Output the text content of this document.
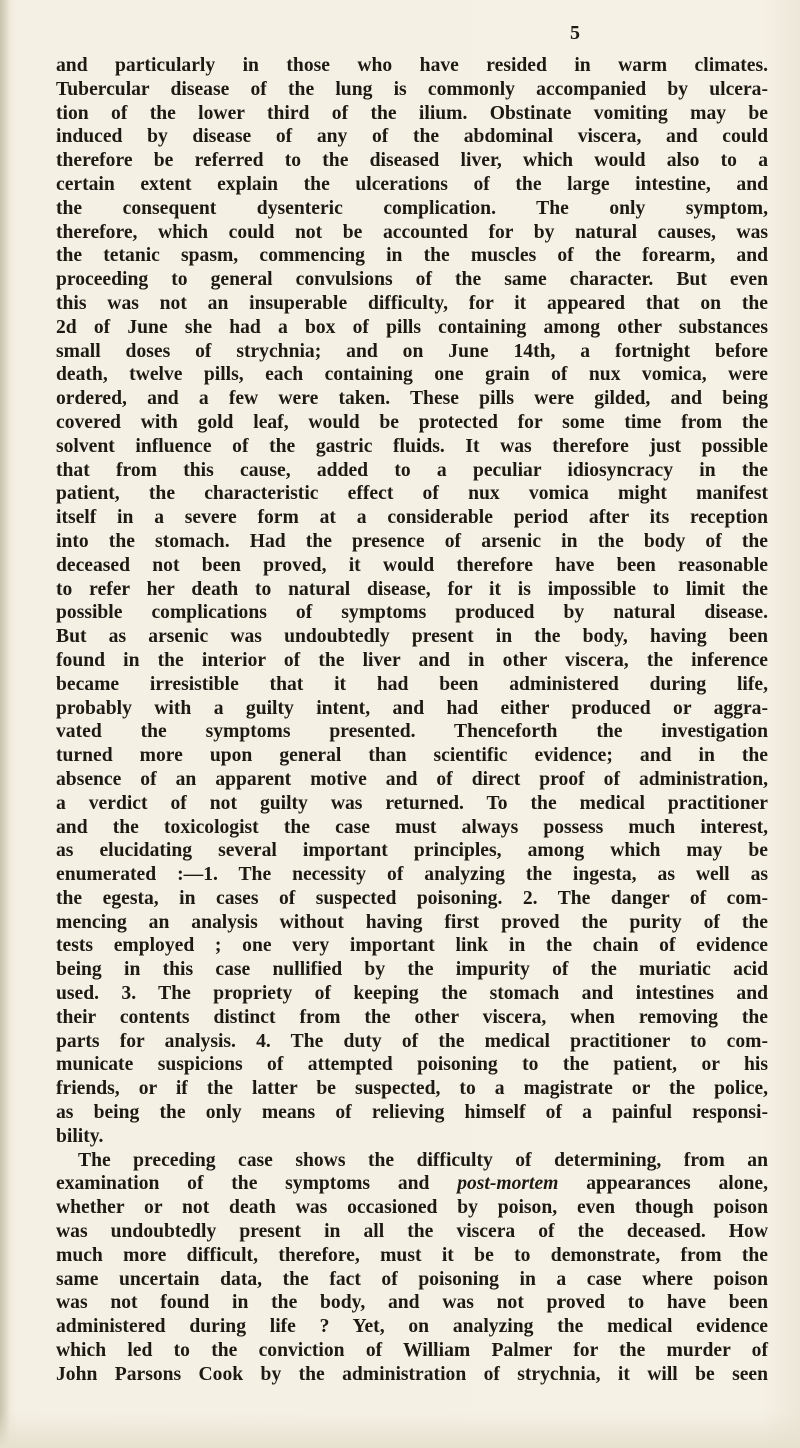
5
and particularly in those who have resided in warm climates.
Tubercular disease of the lung is commonly accompanied by ulcera-
tion of the lower third of the ilium. Obstinate vomiting may be
induced by disease of any of the abdominal viscera, and could
therefore be referred to the diseased liver, which would also to a
certain extent explain the ulcerations of the large intestine, and
the consequent dysenteric complication. The only symptom,
therefore, which could not be accounted for by natural causes, was
the tetanic spasm, commencing in the muscles of the forearm, and
proceeding to general convulsions of the same character. But even
this was not an insuperable difficulty, for it appeared that on the
2d of June she had a box of pills containing among other substances
small doses of strychnia; and on June 14th, a fortnight before
death, twelve pills, each containing one grain of nux vomica, were
ordered, and a few were taken. These pills were gilded, and being
covered with gold leaf, would be protected for some time from the
solvent influence of the gastric fluids. It was therefore just possible
that from this cause, added to a peculiar idiosyncracy in the
patient, the characteristic effect of nux vomica might manifest
itself in a severe form at a considerable period after its reception
into the stomach. Had the presence of arsenic in the body of the
deceased not been proved, it would therefore have been reasonable
to refer her death to natural disease, for it is impossible to limit the
possible complications of symptoms produced by natural disease.
But as arsenic was undoubtedly present in the body, having been
found in the interior of the liver and in other viscera, the inference
became irresistible that it had been administered during life,
probably with a guilty intent, and had either produced or aggra-
vated the symptoms presented. Thenceforth the investigation
turned more upon general than scientific evidence; and in the
absence of an apparent motive and of direct proof of administration,
a verdict of not guilty was returned. To the medical practitioner
and the toxicologist the case must always possess much interest,
as elucidating several important principles, among which may be
enumerated :—1. The necessity of analyzing the ingesta, as well as
the egesta, in cases of suspected poisoning. 2. The danger of com-
mencing an analysis without having first proved the purity of the
tests employed ; one very important link in the chain of evidence
being in this case nullified by the impurity of the muriatic acid
used. 3. The propriety of keeping the stomach and intestines and
their contents distinct from the other viscera, when removing the
parts for analysis. 4. The duty of the medical practitioner to com-
municate suspicions of attempted poisoning to the patient, or his
friends, or if the latter be suspected, to a magistrate or the police,
as being the only means of relieving himself of a painful responsi-
bility.
The preceding case shows the difficulty of determining, from an
examination of the symptoms and post-mortem appearances alone,
whether or not death was occasioned by poison, even though poison
was undoubtedly present in all the viscera of the deceased. How
much more difficult, therefore, must it be to demonstrate, from the
same uncertain data, the fact of poisoning in a case where poison
was not found in the body, and was not proved to have been
administered during life ? Yet, on analyzing the medical evidence
which led to the conviction of William Palmer for the murder of
John Parsons Cook by the administration of strychnia, it will be seen
